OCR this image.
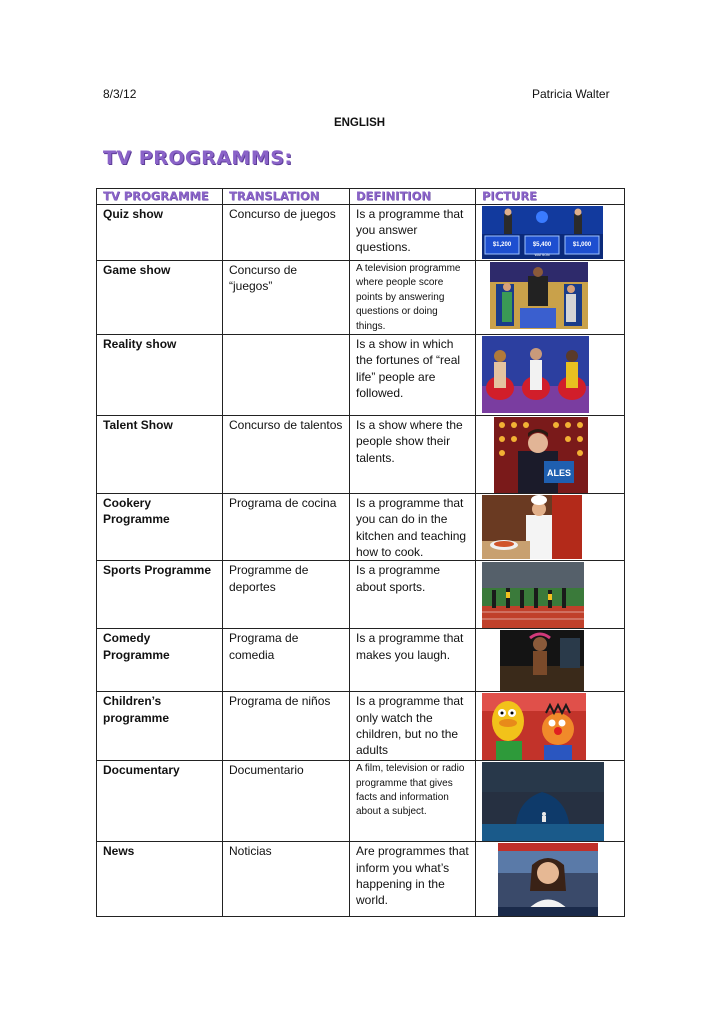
8/3/12	Patricia Walter
ENGLISH
TV PROGRAMMS:
TV PROGRAMME	TRANSLATION	DEFINITION	PICTURE
Quiz show	Concurso de juegos	Is a programme that you answer questions.	$1,200 $5,400 $1,000
WATSON

Game show	Concurso de “juegos”	A television programme where people score points by answering questions or doing things.	

Reality show		Is a show in which the fortunes of “real life” people are followed.	

Talent Show	Concurso de talentos	Is a show where the people show their talents.	ALES

Cookery Programme	Programa de cocina	Is a programme that you can do in the kitchen and teaching how to cook.	

Sports Programme	Programme de deportes	Is a programme about sports.	

Comedy Programme	Programa de comedia	Is a programme that makes you laugh.	

Children’s programme	Programa de niños	Is a programme that only watch the children, but no the adults	

Documentary	Documentario	A film, television or radio programme that gives facts and information about a subject.	

News	Noticias	Are programmes that inform you what’s happening in the world.	
